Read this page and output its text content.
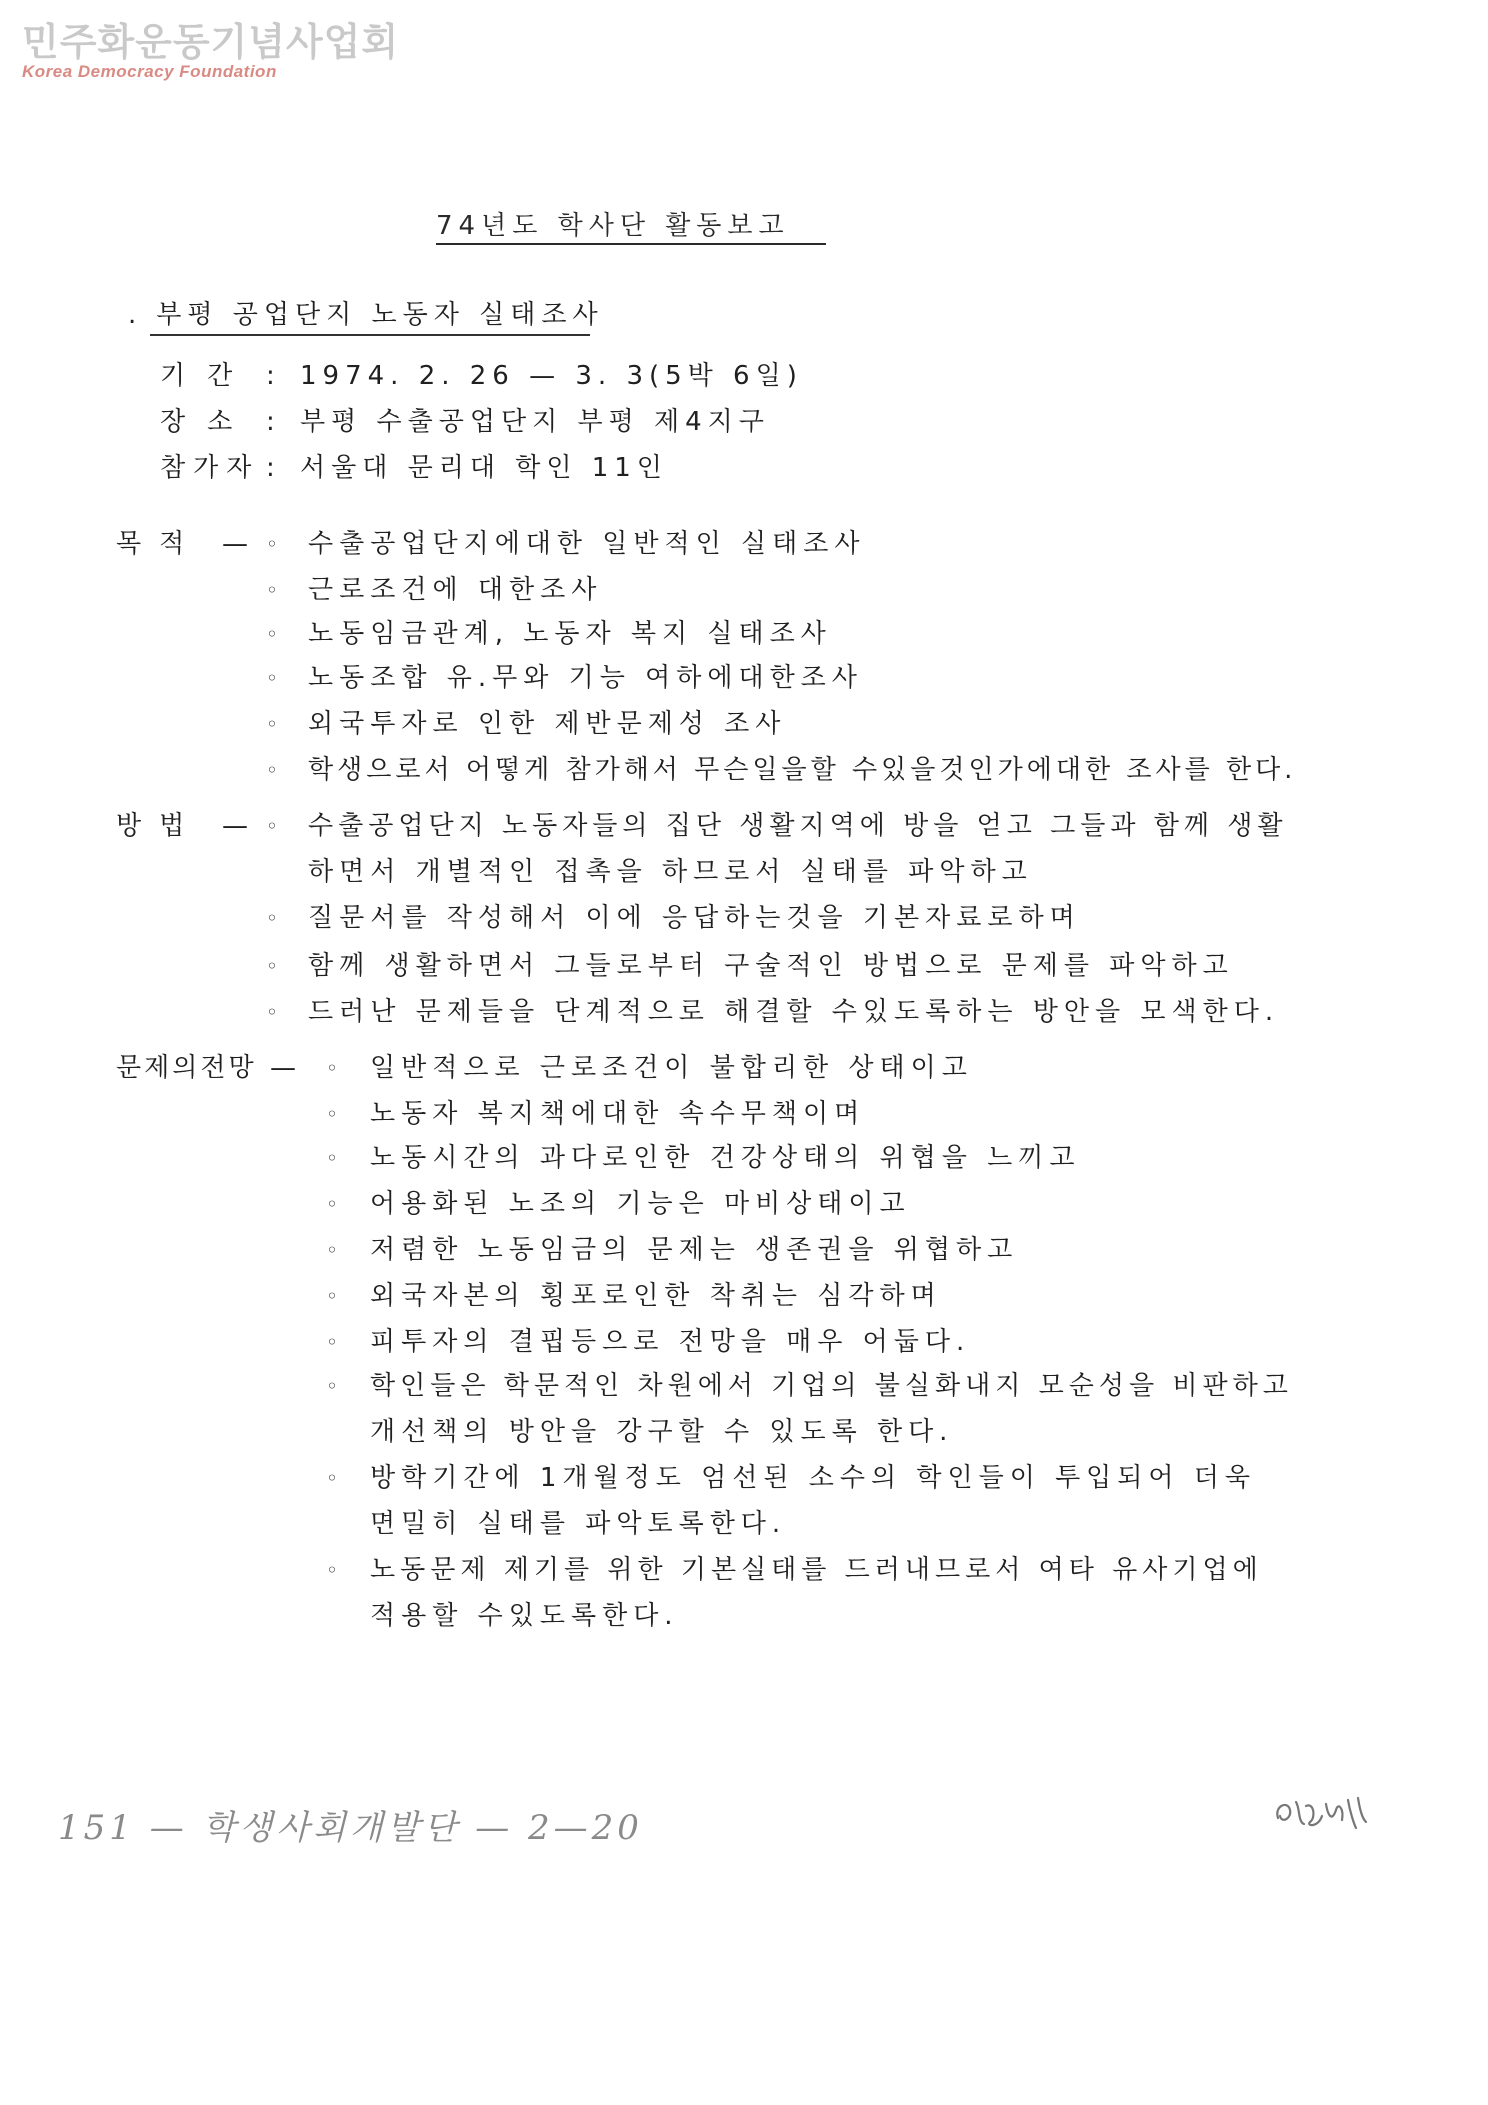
민주화운동기념사업회
Korea Democracy Foundation
74년도 학사단 활동보고
. 부평 공업단지 노동자 실태조사
기간 : 1974. 2. 26 — 3. 3(5박 6일)
장소 : 부평 수출공업단지 부평 제4지구
참가자 : 서울대 문리대 학인 11인
목적 — ◦ 수출공업단지에대한 일반적인 실태조사
◦ 근로조건에 대한조사
◦ 노동임금관계, 노동자 복지 실태조사
◦ 노동조합 유.무와 기능 여하에대한조사
◦ 외국투자로 인한 제반문제성 조사
◦ 학생으로서 어떻게 참가해서 무슨일을할 수있을것인가에대한 조사를 한다.
방법 — ◦ 수출공업단지 노동자들의 집단 생활지역에 방을 얻고 그들과 함께 생활
하면서 개별적인 접촉을 하므로서 실태를 파악하고
◦ 질문서를 작성해서 이에 응답하는것을 기본자료로하며
◦ 함께 생활하면서 그들로부터 구술적인 방법으로 문제를 파악하고
◦ 드러난 문제들을 단계적으로 해결할 수있도록하는 방안을 모색한다.
문제의전망 — ◦ 일반적으로 근로조건이 불합리한 상태이고
◦ 노동자 복지책에대한 속수무책이며
◦ 노동시간의 과다로인한 건강상태의 위협을 느끼고
◦ 어용화된 노조의 기능은 마비상태이고
◦ 저렴한 노동임금의 문제는 생존권을 위협하고
◦ 외국자본의 횡포로인한 착취는 심각하며
◦ 피투자의 결핍등으로 전망을 매우 어둡다.
◦ 학인들은 학문적인 차원에서 기업의 불실화내지 모순성을 비판하고
개선책의 방안을 강구할 수 있도록 한다.
◦ 방학기간에 1개월정도 엄선된 소수의 학인들이 투입되어 더욱
면밀히 실태를 파악토록한다.
◦ 노동문제 제기를 위한 기본실태를 드러내므로서 여타 유사기업에
적용할 수있도록한다.
151 — 학생사회개발단 — 2—20
